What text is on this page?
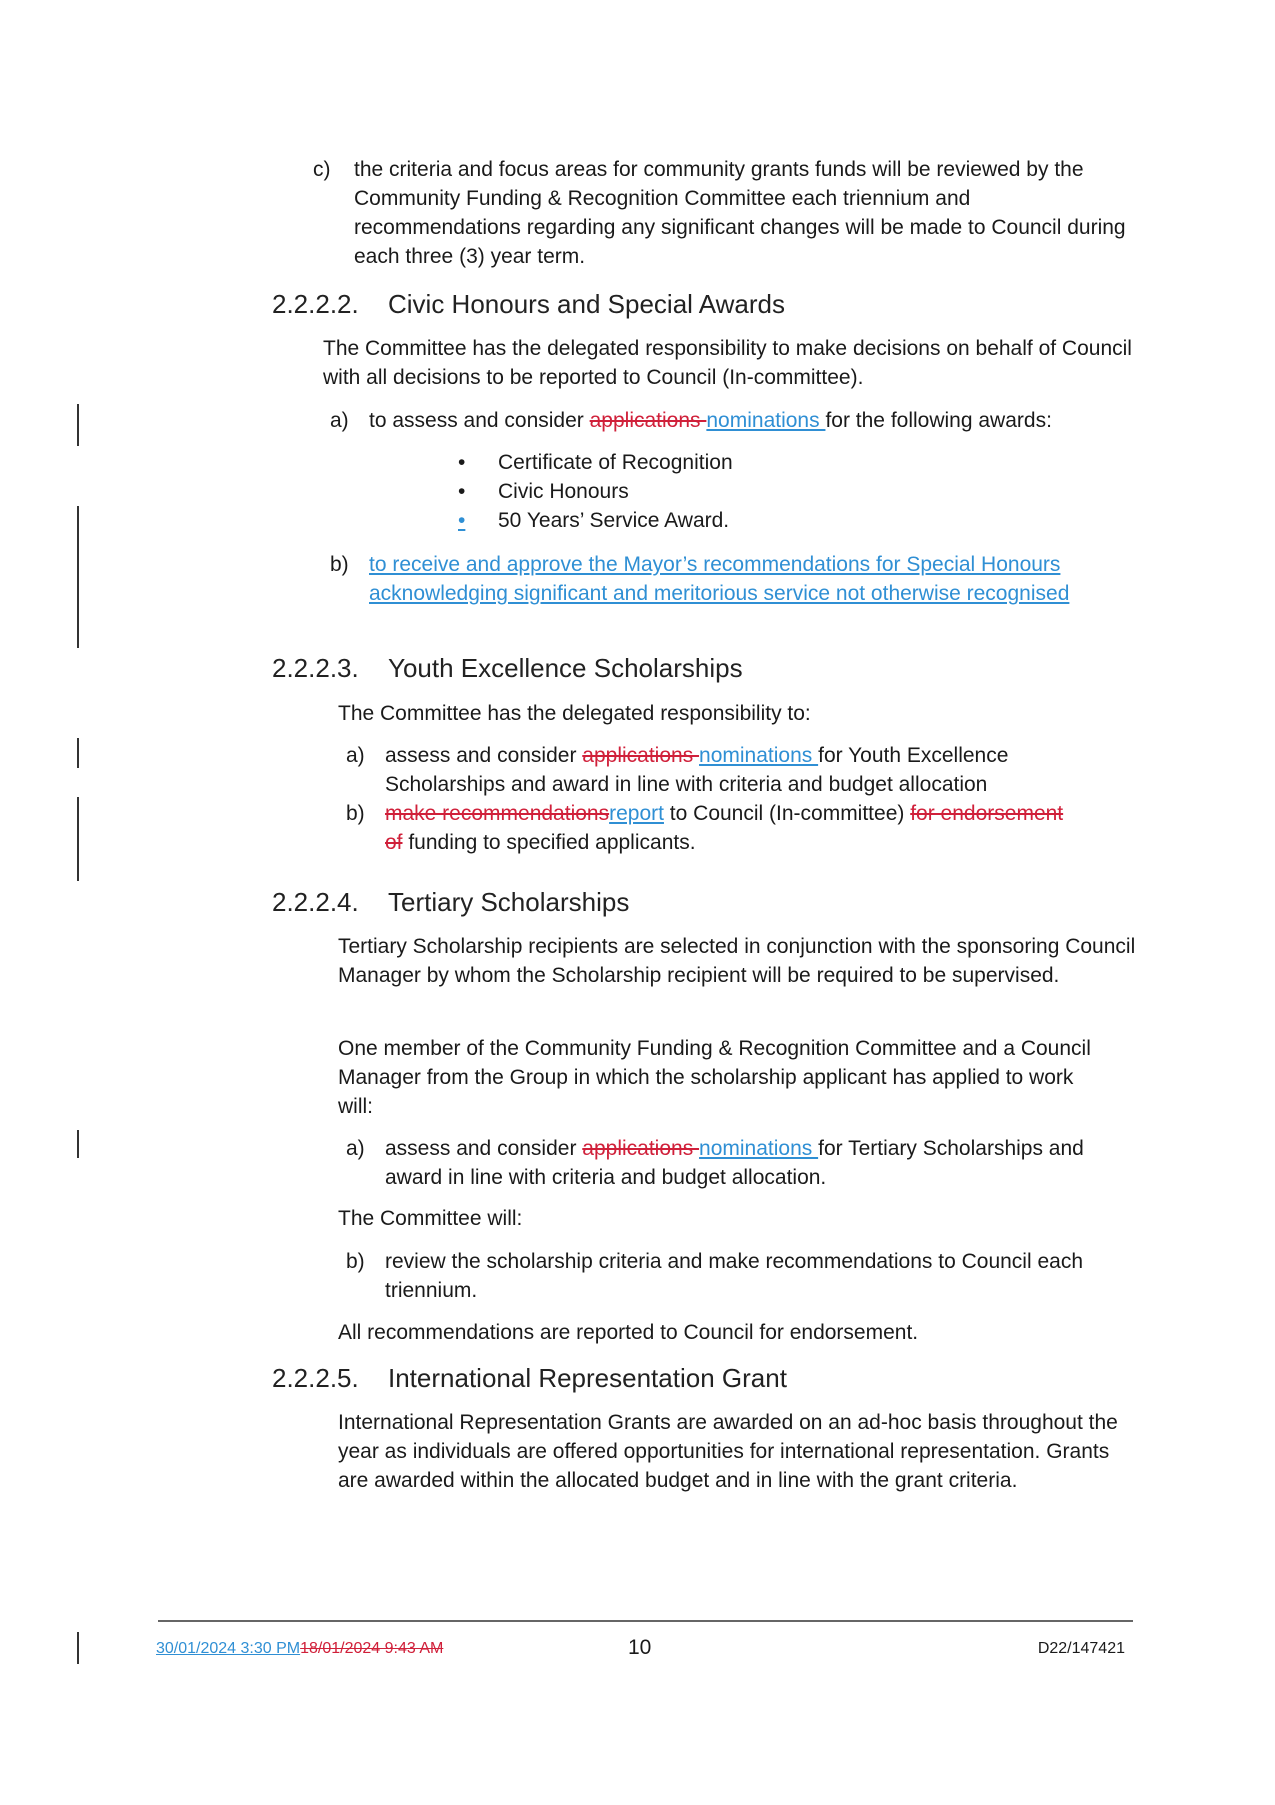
c) the criteria and focus areas for community grants funds will be reviewed by the Community Funding & Recognition Committee each triennium and recommendations regarding any significant changes will be made to Council during each three (3) year term.
2.2.2.2. Civic Honours and Special Awards
The Committee has the delegated responsibility to make decisions on behalf of Council with all decisions to be reported to Council (In-committee).
a) to assess and consider applications nominations for the following awards:
• Certificate of Recognition
• Civic Honours
• 50 Years’ Service Award.
b) to receive and approve the Mayor’s recommendations for Special Honours acknowledging significant and meritorious service not otherwise recognised
2.2.2.3. Youth Excellence Scholarships
The Committee has the delegated responsibility to:
a) assess and consider applications nominations for Youth Excellence Scholarships and award in line with criteria and budget allocation
b) make recommendationsreport to Council (In-committee) for endorsement of funding to specified applicants.
2.2.2.4. Tertiary Scholarships
Tertiary Scholarship recipients are selected in conjunction with the sponsoring Council Manager by whom the Scholarship recipient will be required to be supervised.
One member of the Community Funding & Recognition Committee and a Council Manager from the Group in which the scholarship applicant has applied to work will:
a) assess and consider applications nominations for Tertiary Scholarships and award in line with criteria and budget allocation.
The Committee will:
b) review the scholarship criteria and make recommendations to Council each triennium.
All recommendations are reported to Council for endorsement.
2.2.2.5. International Representation Grant
International Representation Grants are awarded on an ad-hoc basis throughout the year as individuals are offered opportunities for international representation. Grants are awarded within the allocated budget and in line with the grant criteria.
30/01/2024 3:30 PM18/01/2024 9:43 AM	10	D22/147421
